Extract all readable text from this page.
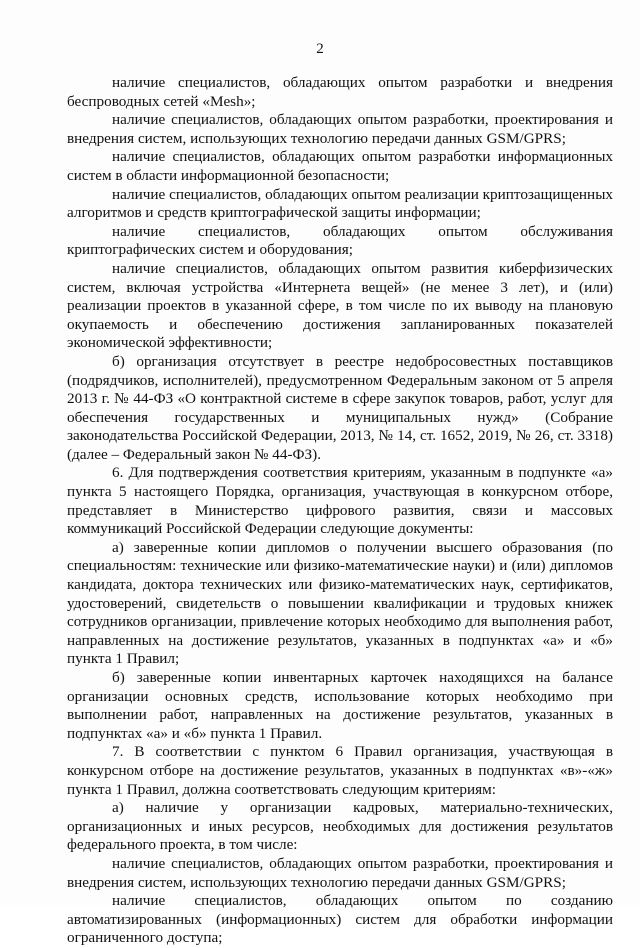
2

наличие специалистов, обладающих опытом разработки и внедрения беспроводных сетей «Mesh»;

наличие специалистов, обладающих опытом разработки, проектирования и внедрения систем, использующих технологию передачи данных GSM/GPRS;

наличие специалистов, обладающих опытом разработки информационных систем в области информационной безопасности;

наличие специалистов, обладающих опытом реализации криптозащищенных алгоритмов и средств криптографической защиты информации;

наличие специалистов, обладающих опытом обслуживания криптографических систем и оборудования;

наличие специалистов, обладающих опытом развития киберфизических систем, включая устройства «Интернета вещей» (не менее 3 лет), и (или) реализации проектов в указанной сфере, в том числе по их выводу на плановую окупаемость и обеспечению достижения запланированных показателей экономической эффективности;

б) организация отсутствует в реестре недобросовестных поставщиков (подрядчиков, исполнителей), предусмотренном Федеральным законом от 5 апреля 2013 г. № 44-ФЗ «О контрактной системе в сфере закупок товаров, работ, услуг для обеспечения государственных и муниципальных нужд» (Собрание законодательства Российской Федерации, 2013, № 14, ст. 1652, 2019, № 26, ст. 3318) (далее – Федеральный закон № 44-ФЗ).

6. Для подтверждения соответствия критериям, указанным в подпункте «а» пункта 5 настоящего Порядка, организация, участвующая в конкурсном отборе, представляет в Министерство цифрового развития, связи и массовых коммуникаций Российской Федерации следующие документы:

а) заверенные копии дипломов о получении высшего образования (по специальностям: технические или физико-математические науки) и (или) дипломов кандидата, доктора технических или физико-математических наук, сертификатов, удостоверений, свидетельств о повышении квалификации и трудовых книжек сотрудников организации, привлечение которых необходимо для выполнения работ, направленных на достижение результатов, указанных в подпунктах «а» и «б» пункта 1 Правил;

б) заверенные копии инвентарных карточек находящихся на балансе организации основных средств, использование которых необходимо при выполнении работ, направленных на достижение результатов, указанных в подпунктах «а» и «б» пункта 1 Правил.

7. В соответствии с пунктом 6 Правил организация, участвующая в конкурсном отборе на достижение результатов, указанных в подпунктах «в»-«ж» пункта 1 Правил, должна соответствовать следующим критериям:

а) наличие у организации кадровых, материально-технических, организационных и иных ресурсов, необходимых для достижения результатов федерального проекта, в том числе:

наличие специалистов, обладающих опытом разработки, проектирования и внедрения систем, использующих технологию передачи данных GSM/GPRS;

наличие специалистов, обладающих опытом по созданию автоматизированных (информационных) систем для обработки информации ограниченного доступа;
